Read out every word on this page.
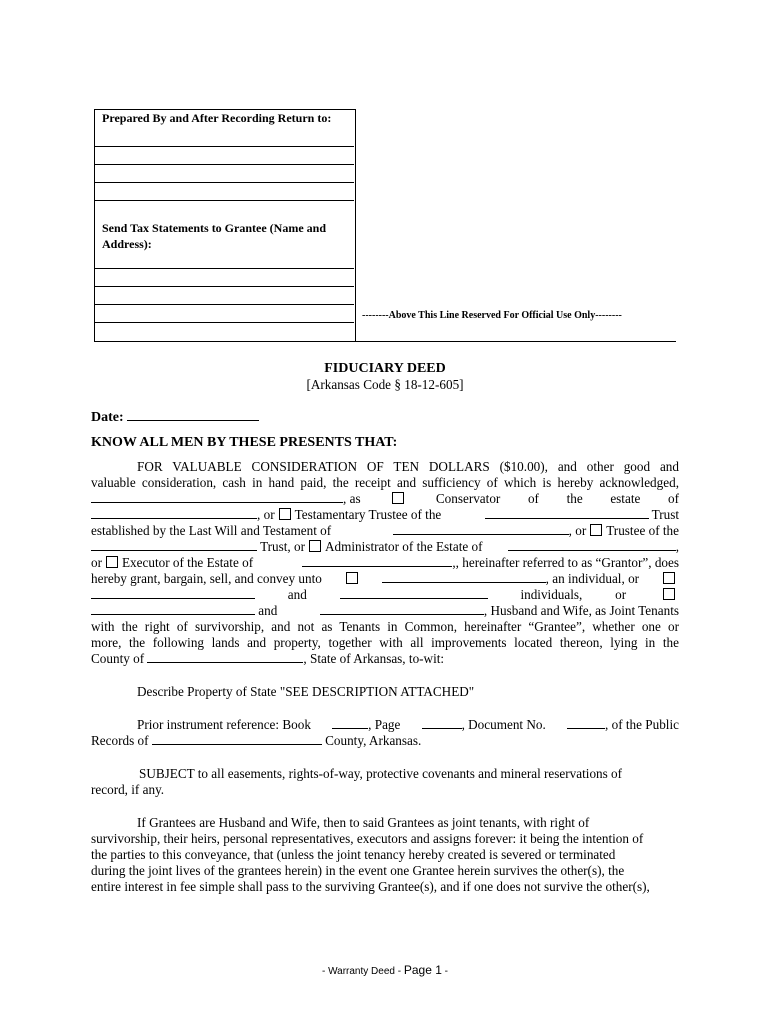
Prepared By and After Recording Return to:
Send Tax Statements to Grantee (Name and
Address):
--------Above This Line Reserved For Official Use Only--------
FIDUCIARY DEED
[Arkansas Code § 18-12-605]
Date:
KNOW ALL MEN BY THESE PRESENTS THAT:
FOR VALUABLE CONSIDERATION OF TEN DOLLARS ($10.00), and other good and
valuable consideration, cash in hand paid, the receipt and sufficiency of which is hereby acknowledged,
, as	Conservator of the estate of
, or Testamentary Trustee of the	Trust
established by the Last Will and Testament of	, or Trustee of the
Trust, or Administrator of the Estate of	,
or Executor of the Estate of	,, hereinafter referred to as “Grantor”, does
hereby grant, bargain, sell, and convey unto	, an individual, or
and	individuals, or
and	, Husband and Wife, as Joint Tenants
with the right of survivorship, and not as Tenants in Common, hereinafter “Grantee”, whether one or
more, the following lands and property, together with all improvements located thereon, lying in the
County of	, State of Arkansas, to-wit:
Describe Property of State "SEE DESCRIPTION ATTACHED"
Prior instrument reference: Book	, Page	, Document No.	, of the Public
Records of	County, Arkansas.
SUBJECT to all easements, rights-of-way, protective covenants and mineral reservations of
record, if any.
If Grantees are Husband and Wife, then to said Grantees as joint tenants, with right of
survivorship, their heirs, personal representatives, executors and assigns forever: it being the intention of
the parties to this conveyance, that (unless the joint tenancy hereby created is severed or terminated
during the joint lives of the grantees herein) in the event one Grantee herein survives the other(s), the
entire interest in fee simple shall pass to the surviving Grantee(s), and if one does not survive the other(s),
- Warranty Deed - Page 1 -
